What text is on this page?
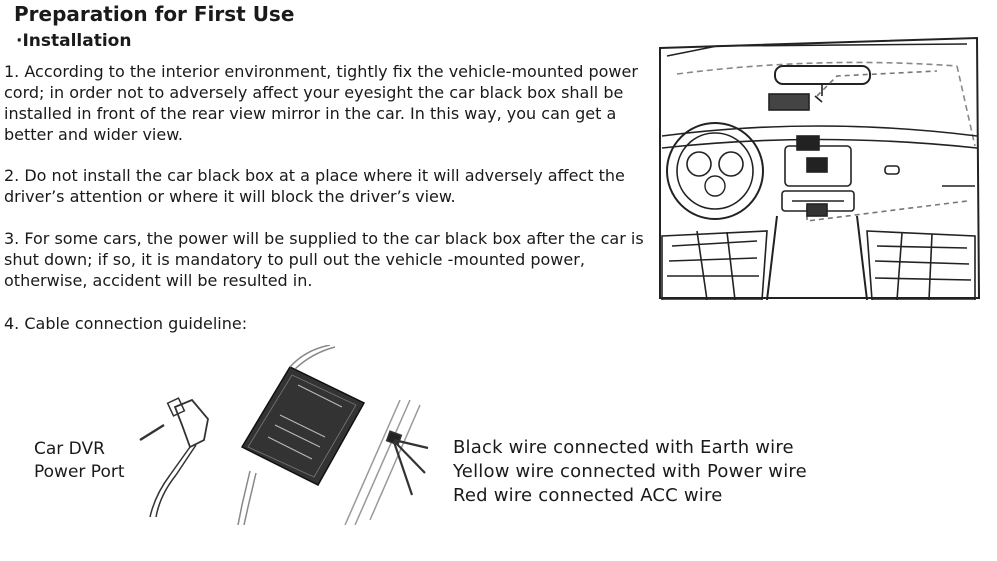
Preparation for First Use
·Installation
1. According to the interior environment, tightly fix the vehicle-mounted power cord; in order not to adversely affect your eyesight the car black box shall be installed in front of the rear view mirror in the car. In this way, you can get a better and wider view.
2. Do not install the car black box at a place where it will adversely affect the driver’s attention or where it will block the driver’s view.
3. For some cars, the power will be supplied to the car black box after the car is shut down; if so, it is mandatory to pull out the vehicle -mounted power, otherwise, accident will be resulted in.
4. Cable connection guideline:
Car DVR
Power Port
Black wire connected with Earth wire
Yellow wire connected with Power wire
Red wire connected ACC wire
